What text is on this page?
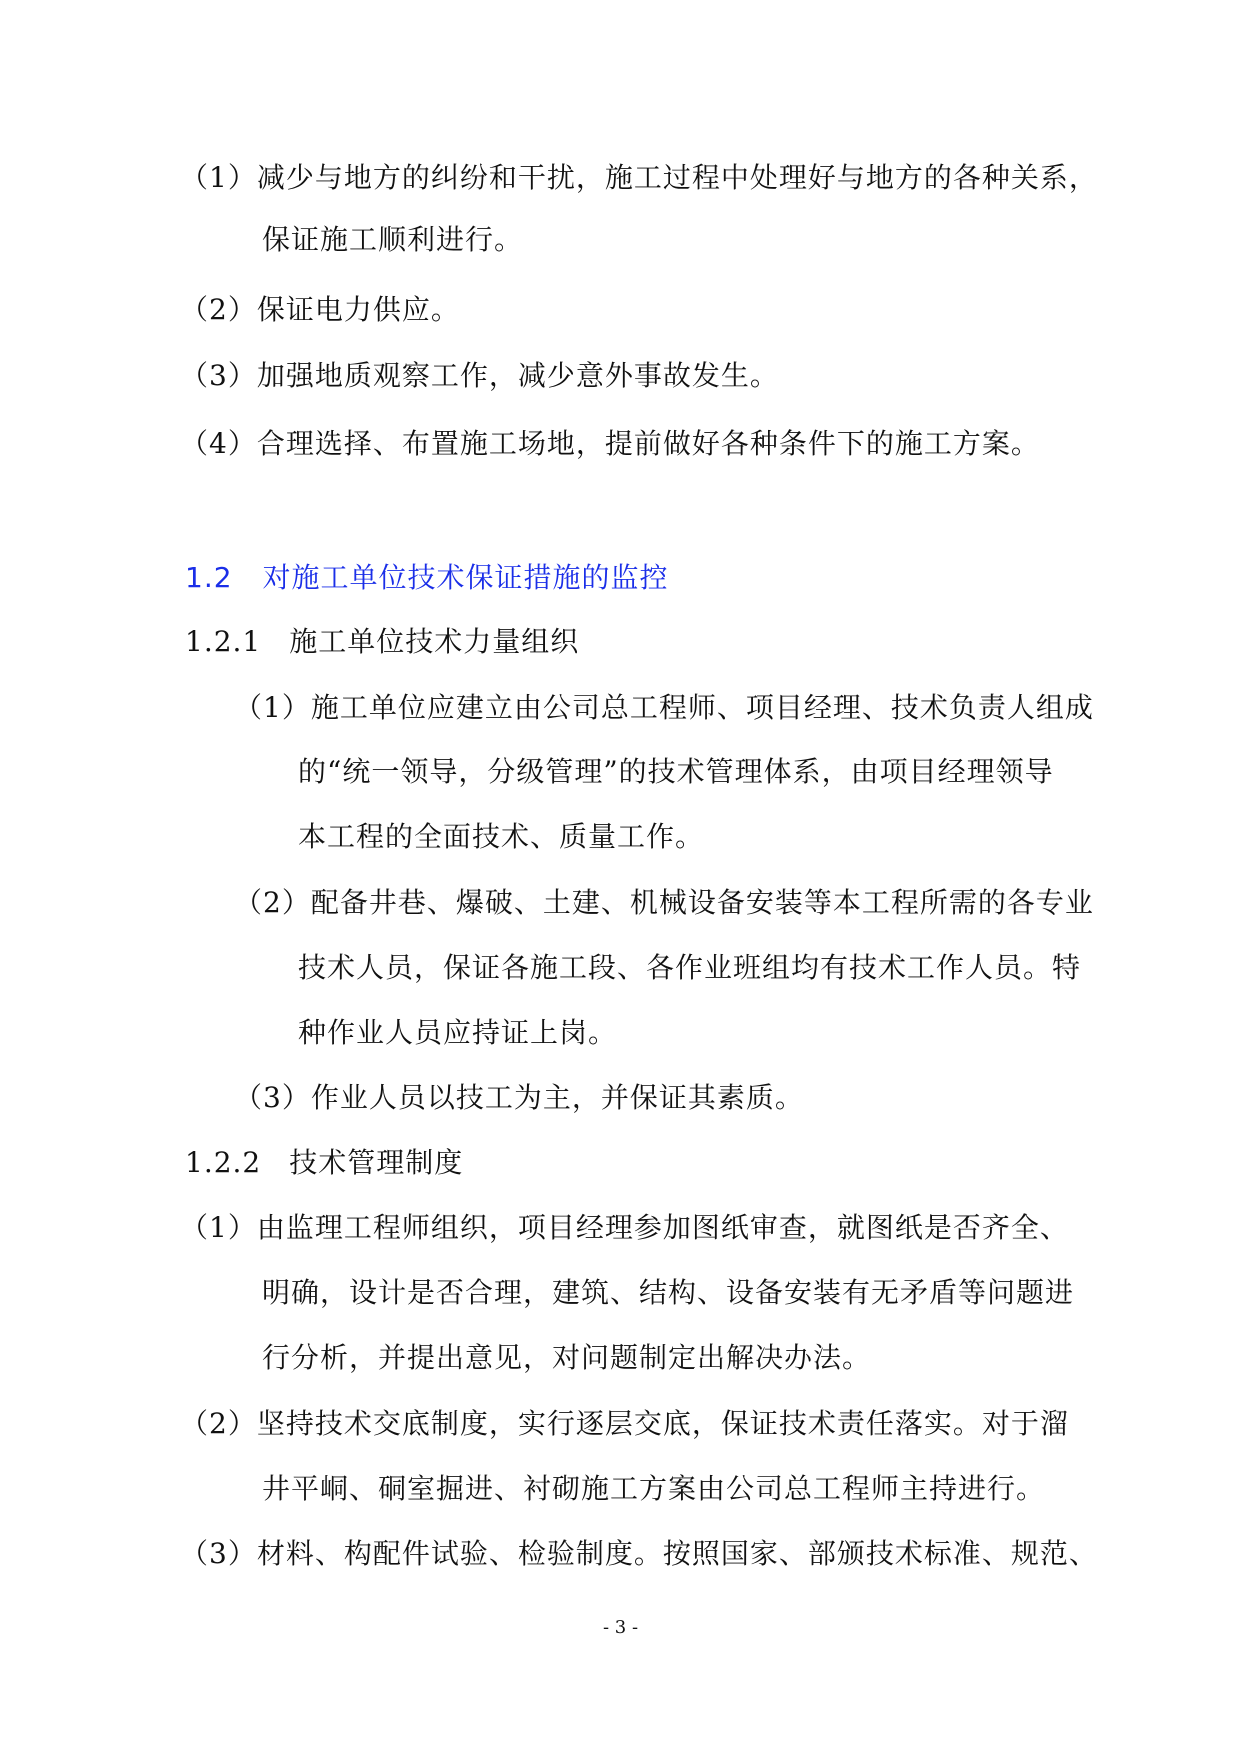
（1）减少与地方的纠纷和干扰，施工过程中处理好与地方的各种关系，
保证施工顺利进行。
（2）保证电力供应。
（3）加强地质观察工作，减少意外事故发生。
（4）合理选择、布置施工场地，提前做好各种条件下的施工方案。
1.2 对施工单位技术保证措施的监控
1.2.1 施工单位技术力量组织
（1）施工单位应建立由公司总工程师、项目经理、技术负责人组成
的“统一领导，分级管理”的技术管理体系，由项目经理领导
本工程的全面技术、质量工作。
（2）配备井巷、爆破、土建、机械设备安装等本工程所需的各专业
技术人员，保证各施工段、各作业班组均有技术工作人员。特
种作业人员应持证上岗。
（3）作业人员以技工为主，并保证其素质。
1.2.2 技术管理制度
（1）由监理工程师组织，项目经理参加图纸审查，就图纸是否齐全、
明确，设计是否合理，建筑、结构、设备安装有无矛盾等问题进
行分析，并提出意见，对问题制定出解决办法。
（2）坚持技术交底制度，实行逐层交底，保证技术责任落实。对于溜
井平峒、硐室掘进、衬砌施工方案由公司总工程师主持进行。
（3）材料、构配件试验、检验制度。按照国家、部颁技术标准、规范、
- 3 -
